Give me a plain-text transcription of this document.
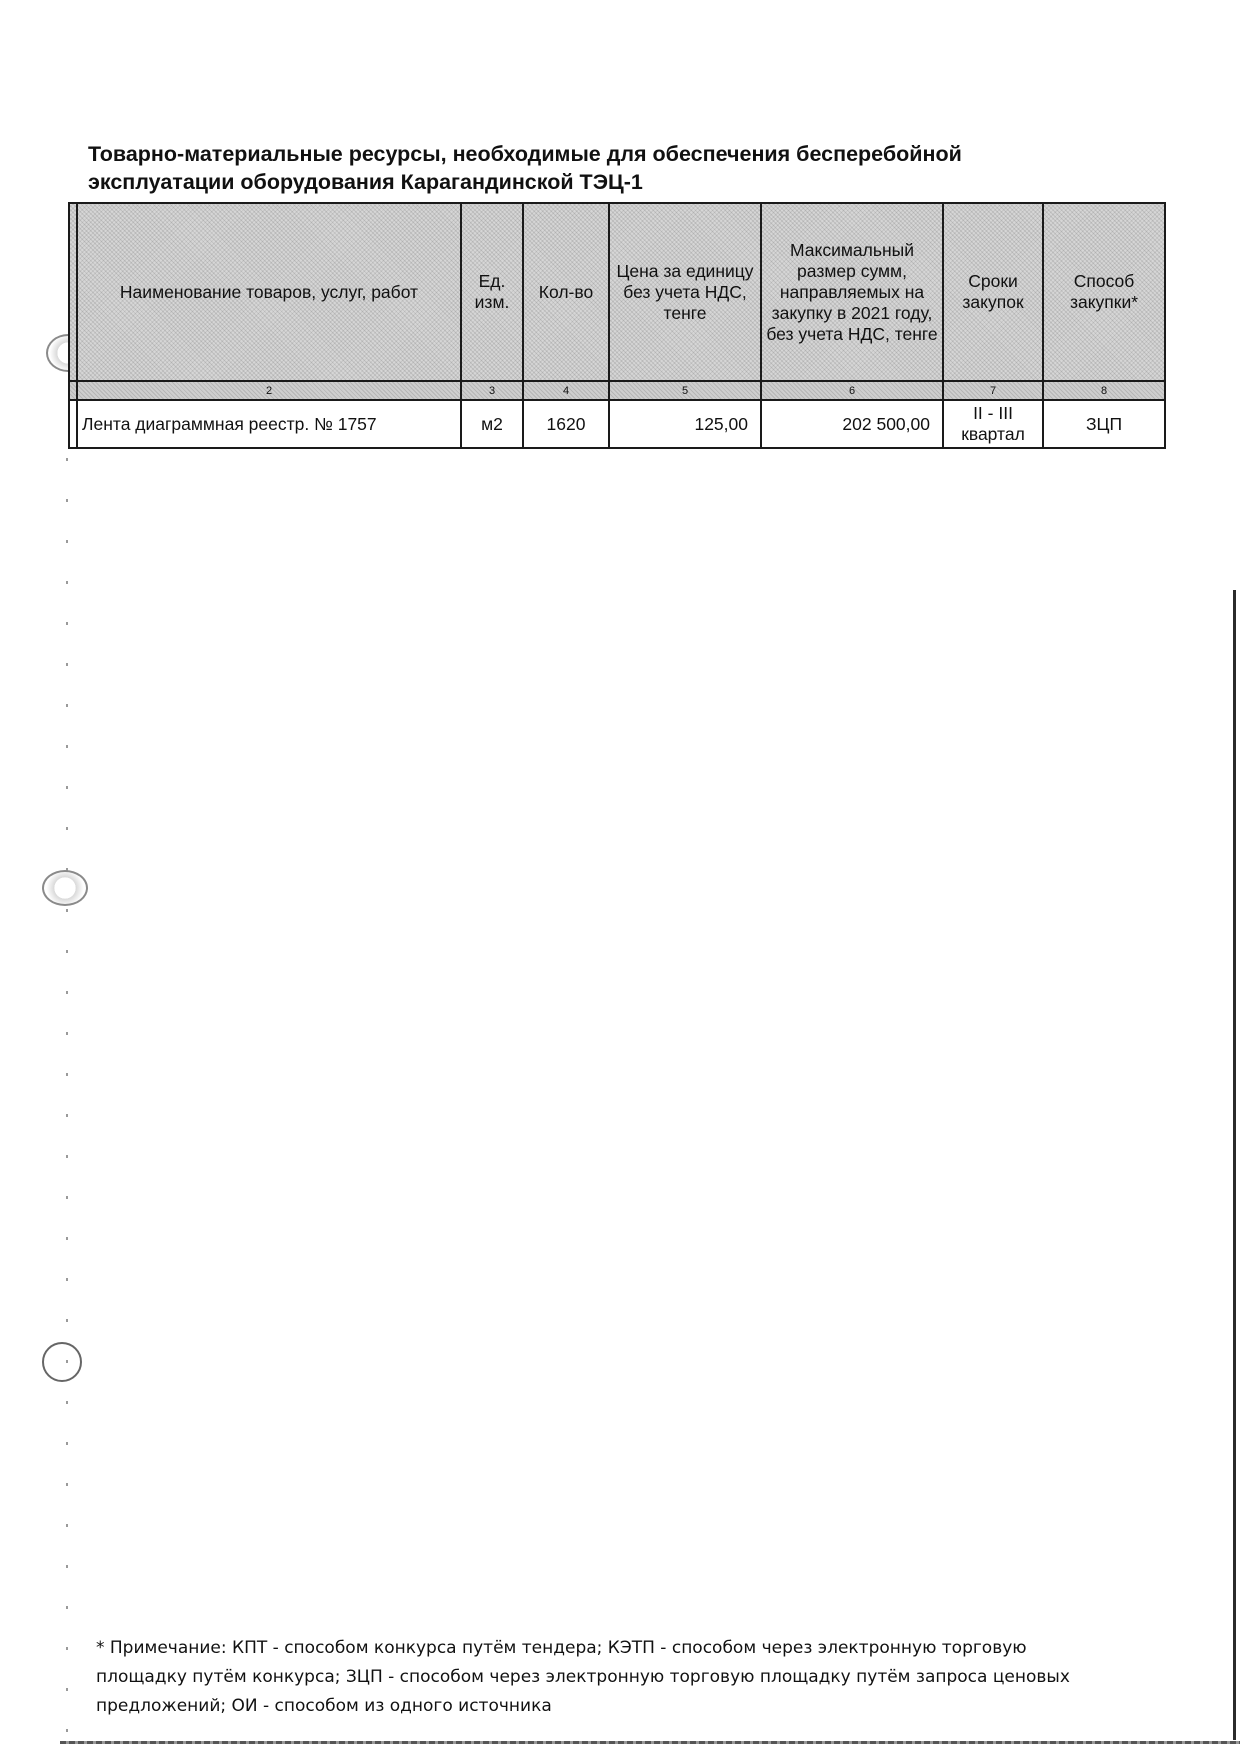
Товарно-материальные ресурсы, необходимые для обеспечения бесперебойной эксплуатации оборудования Карагандинской ТЭЦ-1
	Наименование товаров, услуг, работ	Ед. изм.	Кол-во	Цена за единицу без учета НДС, тенге	Максимальный размер сумм, направляемых на закупку в 2021 году, без учета НДС, тенге	Сроки закупок	Способ закупки*
	2	3	4	5	6	7	8
	Лента диаграммная реестр. № 1757	м2	1620	125,00	202 500,00	II - III квартал	ЗЦП
* Примечание: КПТ - способом конкурса путём тендера; КЭТП - способом через электронную торговую площадку путём конкурса; ЗЦП - способом через электронную торговую площадку путём запроса ценовых предложений; ОИ - способом из одного источника
